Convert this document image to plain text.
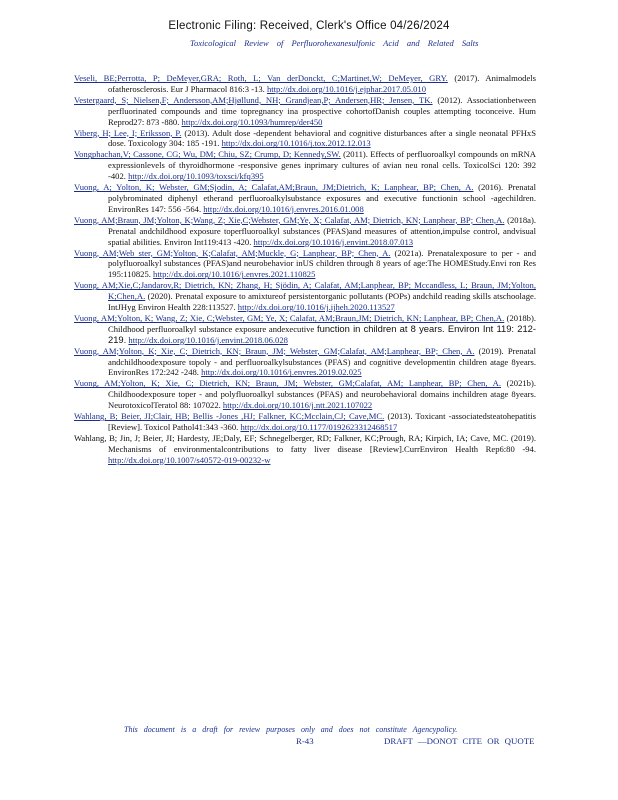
Electronic Filing: Received, Clerk's Office 04/26/2024
Toxicological Review of Perfluorohexanesulfonic Acid and Related Salts

Veseli, BE;Perrotta, P; DeMeyer,GRA; Roth, L; Van derDonckt, C;Martinet,W; DeMeyer, GRY. (2017). Animalmodels ofatherosclerosis. Eur J Pharmacol 816:3 -13. http://dx.doi.org/10.1016/j.ejphar.2017.05.010

Vestergaard, S; Nielsen,F; Andersson,AM;Hjøllund, NH; Grandjean,P; Andersen,HR; Jensen, TK. (2012). Associationbetween perfluorinated compounds and time topregnancy ina prospective cohortofDanish couples attempting toconceive. Hum Reprod27: 873 -880. http://dx.doi.org/10.1093/humrep/der450

Viberg, H; Lee, I; Eriksson, P. (2013). Adult dose -dependent behavioral and cognitive disturbances after a single neonatal PFHxS dose. Toxicology 304: 185 -191. http://dx.doi.org/10.1016/j.tox.2012.12.013

Vongphachan,V; Cassone, CG; Wu, DM; Chiu, SZ; Crump, D; Kennedy,SW. (2011). Effects of perfluoroalkyl compounds on mRNA expressionlevels of thyroidhormone -responsive genes inprimary cultures of avian neu ronal cells. ToxicolSci 120: 392 -402. http://dx.doi.org/10.1093/toxsci/kfq395

Vuong, A; Yolton, K; Webster, GM;Sjodin, A; Calafat,AM;Braun, JM;Dietrich, K; Lanphear, BP; Chen, A. (2016). Prenatal polybrominated diphenyl etherand perfluoroalkylsubstance exposures and executive functionin school -agechildren. EnvironRes 147: 556 -564. http://dx.doi.org/10.1016/j.envres.2016.01.008

Vuong, AM;Braun, JM;Yolton, K;Wang, Z; Xie,C;Webster, GM;Ye, X; Calafat, AM; Dietrich, KN; Lanphear, BP; Chen,A. (2018a). Prenatal andchildhood exposure toperfluoroalkyl substances (PFAS)and measures of attention,impulse control, andvisual spatial abilities. Environ Int119:413 -420. http://dx.doi.org/10.1016/j.envint.2018.07.013

Vuong, AM;Web ster, GM;Yolton, K;Calafat, AM;Muckle, G; Lanphear, BP; Chen, A. (2021a). Prenatalexposure to per - and polyfluoroalkyl substances (PFAS)and neurobehavior inUS children through 8 years of age:The HOMEStudy.Envi ron Res 195:110825. http://dx.doi.org/10.1016/j.envres.2021.110825

Vuong, AM;Xie,C;Jandarov,R; Dietrich, KN; Zhang, H; Sjödin, A; Calafat, AM;Lanphear, BP; Mccandless, L; Braun, JM;Yolton, K;Chen,A. (2020). Prenatal exposure to amixtureof persistentorganic pollutants (POPs) andchild reading skills atschoolage. IntJHyg Environ Health 228:113527. http://dx.doi.org/10.1016/j.ijheh.2020.113527

Vuong, AM;Yolton, K; Wang, Z; Xie, C;Webster, GM; Ye, X; Calafat, AM;Braun,JM; Dietrich, KN; Lanphear, BP; Chen,A. (2018b). Childhood perfluoroalkyl substance exposure andexecutive function in children at 8 years. Environ Int 119: 212-219. http://dx.doi.org/10.1016/j.envint.2018.06.028

Vuong, AM;Yolton, K; Xie, C; Dietrich, KN; Braun, JM; Webster, GM;Calafat, AM;Lanphear, BP; Chen, A. (2019). Prenatal andchildhoodexposure topoly - and perfluoroalkylsubstances (PFAS) and cognitive developmentin children atage 8years. EnvironRes 172:242 -248. http://dx.doi.org/10.1016/j.envres.2019.02.025

Vuong, AM;Yolton, K; Xie, C; Dietrich, KN; Braun, JM; Webster, GM;Calafat, AM; Lanphear, BP; Chen, A. (2021b). Childhoodexposure toper - and polyfluoroalkyl substances (PFAS) and neurobehavioral domains inchildren atage 8years. NeurotoxicolTeratol 88: 107022. http://dx.doi.org/10.1016/j.ntt.2021.107022

Wahlang, B; Beier, JI;Clair, HB; Bellis -Jones ,HJ; Falkner, KC;Mcclain,CJ; Cave,MC. (2013). Toxicant -associatedsteatohepatitis [Review]. Toxicol Pathol41:343 -360. http://dx.doi.org/10.1177/0192623312468517

Wahlang, B; Jin, J; Beier, JI; Hardesty, JE;Daly, EF; Schnegelberger, RD; Falkner, KC;Prough, RA; Kirpich, IA; Cave, MC. (2019). Mechanisms of environmentalcontributions to fatty liver disease [Review].CurrEnviron Health Rep6:80 -94. http://dx.doi.org/10.1007/s40572-019-00232-w

This document is a draft for review purposes only and does not constitute Agencypolicy.
R-43	DRAFT —DONOT CITE OR QUOTE
